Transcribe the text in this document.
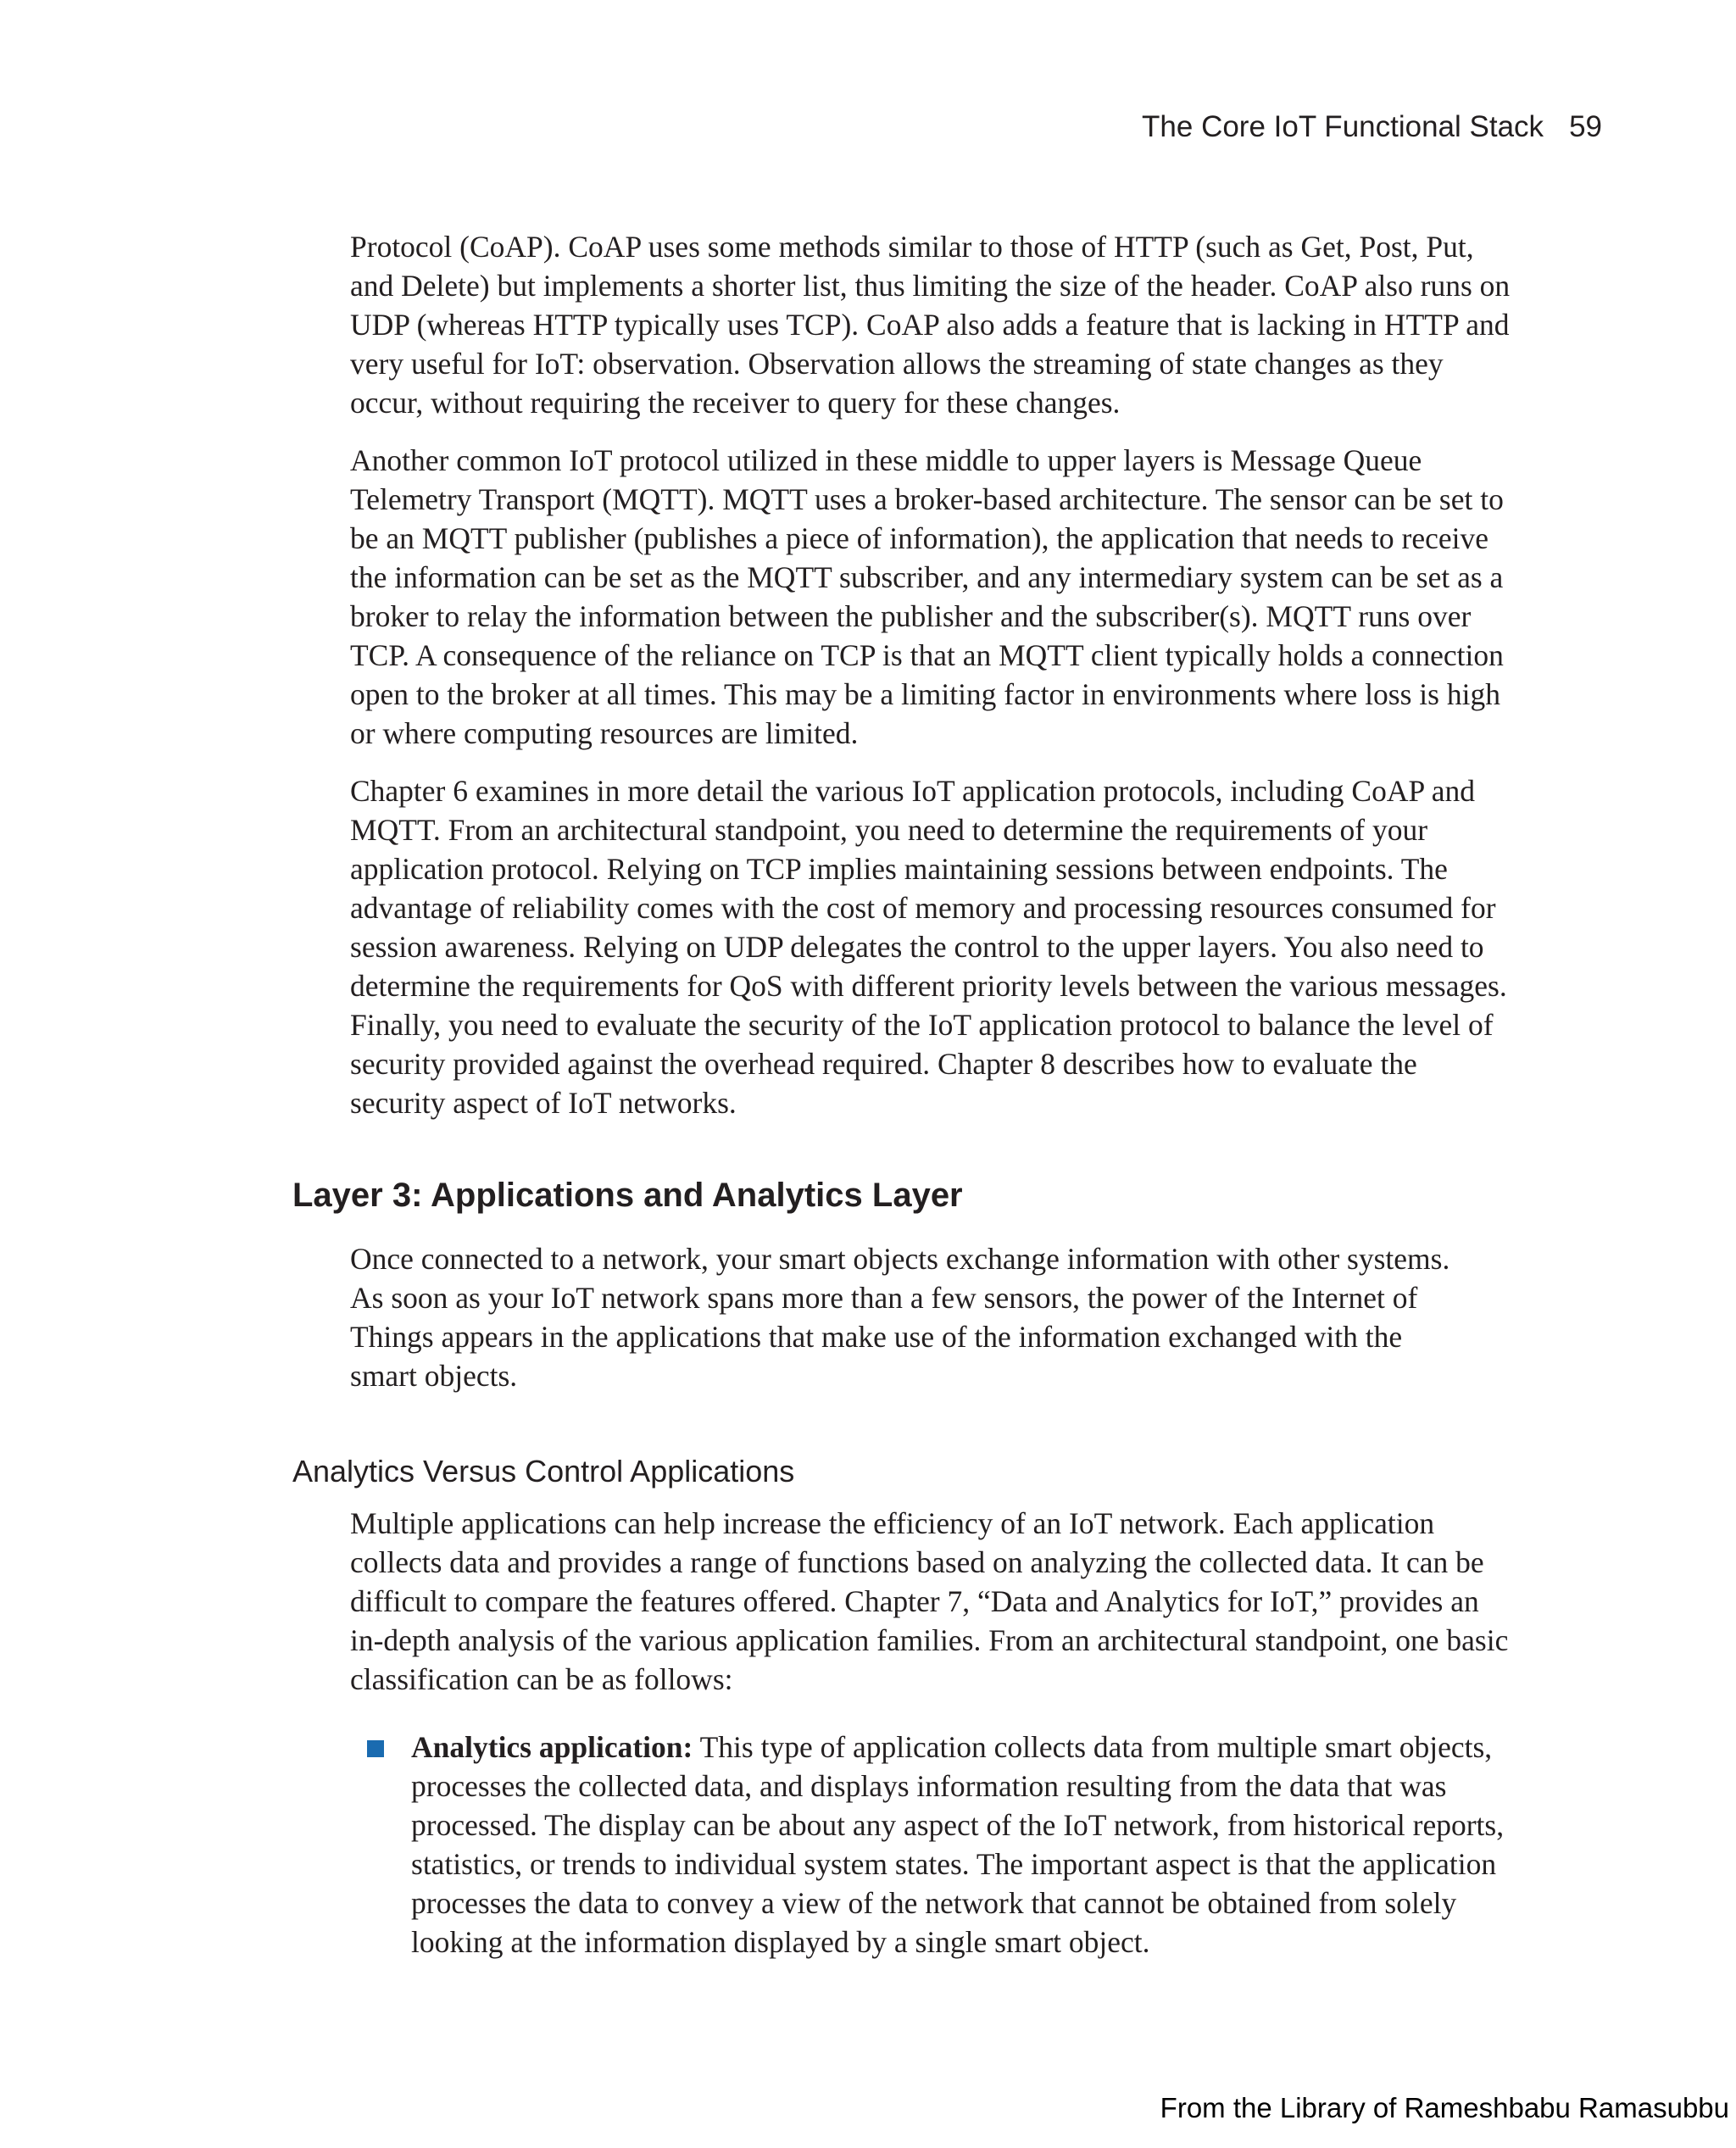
The Core IoT Functional Stack 59

Protocol (CoAP). CoAP uses some methods similar to those of HTTP (such as Get, Post, Put, and Delete) but implements a shorter list, thus limiting the size of the header. CoAP also runs on UDP (whereas HTTP typically uses TCP). CoAP also adds a feature that is lacking in HTTP and very useful for IoT: observation. Observation allows the streaming of state changes as they occur, without requiring the receiver to query for these changes.

Another common IoT protocol utilized in these middle to upper layers is Message Queue Telemetry Transport (MQTT). MQTT uses a broker-based architecture. The sensor can be set to be an MQTT publisher (publishes a piece of information), the application that needs to receive the information can be set as the MQTT subscriber, and any intermediary system can be set as a broker to relay the information between the publisher and the subscriber(s). MQTT runs over TCP. A consequence of the reliance on TCP is that an MQTT client typically holds a connection open to the broker at all times. This may be a limiting factor in environments where loss is high or where computing resources are limited.

Chapter 6 examines in more detail the various IoT application protocols, including CoAP and MQTT. From an architectural standpoint, you need to determine the requirements of your application protocol. Relying on TCP implies maintaining sessions between endpoints. The advantage of reliability comes with the cost of memory and processing resources consumed for session awareness. Relying on UDP delegates the control to the upper layers. You also need to determine the requirements for QoS with different priority levels between the various messages. Finally, you need to evaluate the security of the IoT application protocol to balance the level of security provided against the overhead required. Chapter 8 describes how to evaluate the security aspect of IoT networks.

Layer 3: Applications and Analytics Layer

Once connected to a network, your smart objects exchange information with other systems. As soon as your IoT network spans more than a few sensors, the power of the Internet of Things appears in the applications that make use of the information exchanged with the smart objects.

Analytics Versus Control Applications

Multiple applications can help increase the efficiency of an IoT network. Each application collects data and provides a range of functions based on analyzing the collected data. It can be difficult to compare the features offered. Chapter 7, “Data and Analytics for IoT,” provides an in-depth analysis of the various application families. From an architectural standpoint, one basic classification can be as follows:

Analytics application: This type of application collects data from multiple smart objects, processes the collected data, and displays information resulting from the data that was processed. The display can be about any aspect of the IoT network, from historical reports, statistics, or trends to individual system states. The important aspect is that the application processes the data to convey a view of the network that cannot be obtained from solely looking at the information displayed by a single smart object.
From the Library of Rameshbabu Ramasubbu
